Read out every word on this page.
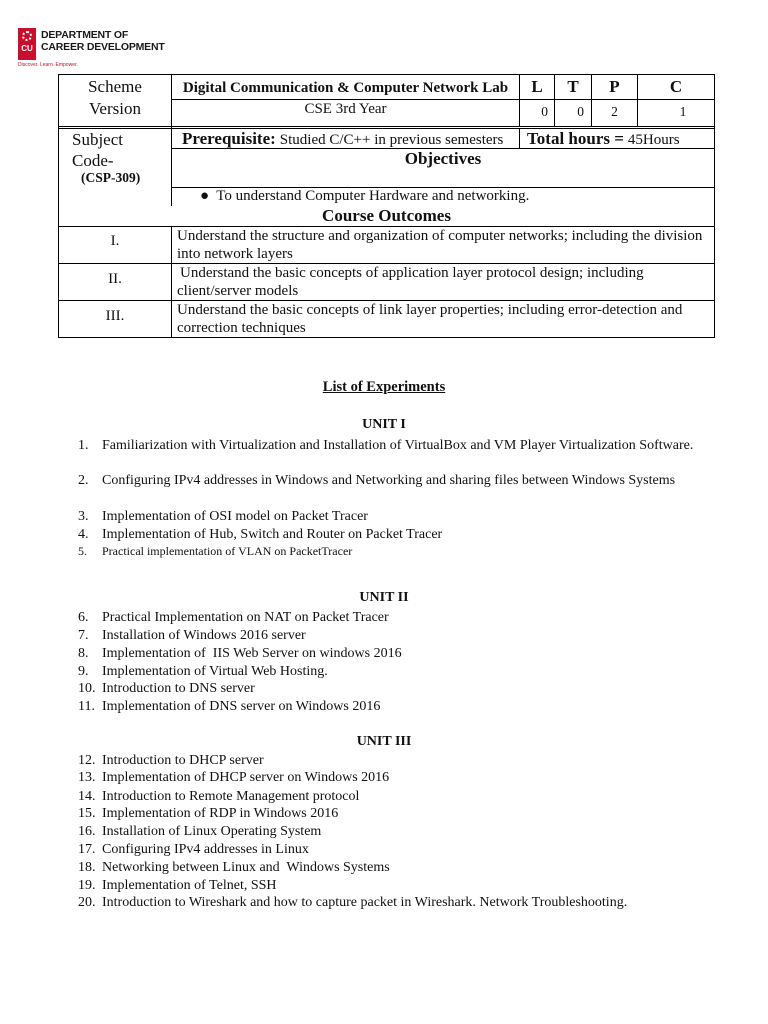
CU
DEPARTMENT OF
CAREER DEVELOPMENT
Discover. Learn. Empower.
Scheme
Version
Digital Communication & Computer Network Lab	L	T	P	C
CSE 3rd Year	0	0	2	1
Subject
Code-
(CSP-309)
Prerequisite: Studied C/C++ in previous semesters	Total hours = 45Hours
Objectives
● To understand Computer Hardware and networking.
Course Outcomes
I.	Understand the structure and organization of computer networks; including the division into network layers
II.	Understand the basic concepts of application layer protocol design; including client/server models
III.	Understand the basic concepts of link layer properties; including error-detection and correction techniques
List of Experiments
UNIT I
1. Familiarization with Virtualization and Installation of VirtualBox and VM Player Virtualization Software.
2. Configuring IPv4 addresses in Windows and Networking and sharing files between Windows Systems
3. Implementation of OSI model on Packet Tracer
4. Implementation of Hub, Switch and Router on Packet Tracer
5.	Practical implementation of VLAN on PacketTracer
UNIT II
6. Practical Implementation on NAT on Packet Tracer
7. Installation of Windows 2016 server
8. Implementation of  IIS Web Server on windows 2016
9. Implementation of Virtual Web Hosting.
10. Introduction to DNS server
11. Implementation of DNS server on Windows 2016
UNIT III
12. Introduction to DHCP server
13. Implementation of DHCP server on Windows 2016
14. Introduction to Remote Management protocol
15. Implementation of RDP in Windows 2016
16. Installation of Linux Operating System
17. Configuring IPv4 addresses in Linux
18. Networking between Linux and  Windows Systems
19. Implementation of Telnet, SSH
20. Introduction to Wireshark and how to capture packet in Wireshark. Network Troubleshooting.
